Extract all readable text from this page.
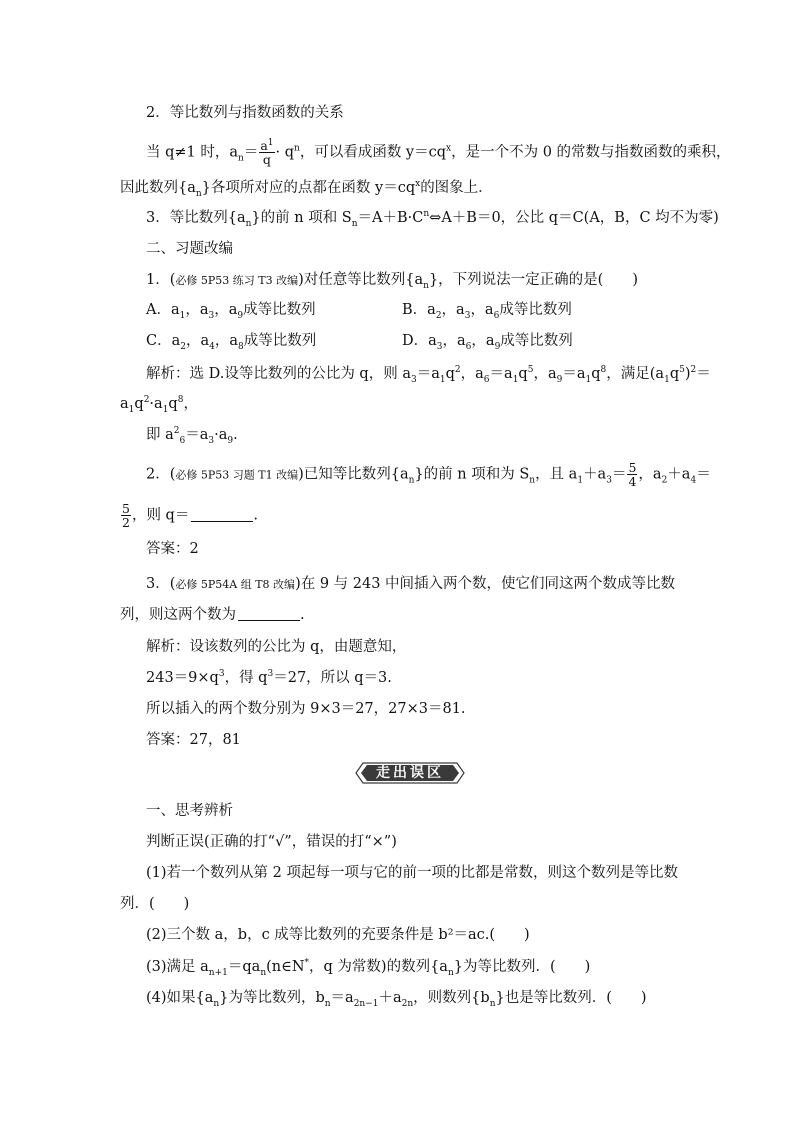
2．等比数列与指数函数的关系
当 q≠1 时，$a_n= \frac{a^1}{q} \cdot q^n$，可以看成函数 $y=cq^x$，是一个不为 0 的常数与指数函数的乘积，
因此数列$\{a_n\}$各项所对应的点都在函数 $y=cq^x$的图象上．
3．等比数列$\{a_n\}$的前 n 项和 $S_n=A+B\cdot C^n\Leftrightarrow A+B=0$，公比 q＝C(A，B，C 均不为零)
二、习题改编
1．(必修 5P53 练习 T3 改编)对任意等比数列$\{a_n\}$，下列说法一定正确的是(　　)
A．$a_1$，$a_3$，$a_9$成等比数列	B．$a_2$，$a_3$，$a_6$成等比数列
C．$a_2$，$a_4$，$a_8$成等比数列	D．$a_3$，$a_6$，$a_9$成等比数列
解析：选 D.设等比数列的公比为 q，则 $a_3=a_1q^2$，$a_6=a_1q^5$，$a_9=a_1q^8$，满足$(a_1q^5)^2=$
$a_1q^2\cdot a_1q^8$，
即 $a^2_6=a_3\cdot a_9$.
2．(必修 5P53 习题 T1 改编)已知等比数列$\{a_n\}$的前 n 项和为 $S_n$，且 $a_1+a_3= \frac{5}{4}$ ，$a_2+a_4=$
$\frac{5}{2}$ ，则 q＝	.
答案：2
3．(必修 5P54A 组 T8 改编)在 9 与 243 中间插入两个数，使它们同这两个数成等比数
列，则这两个数为	.
解析：设该数列的公比为 q，由题意知，
$243=9\times q^3$，得 $q^3=27$，所以 q＝3.
所以插入的两个数分别为 9×3＝27，27×3＝81.
答案：27，81
走出误区
一、思考辨析
判断正误(正确的打“√”，错误的打“×”)
(1)若一个数列从第 2 项起每一项与它的前一项的比都是常数，则这个数列是等比数
列．(　　)
(2)三个数 a，b，c 成等比数列的充要条件是 b²＝ac.(　　)
(3)满足 $a_{n+1}=qa_n(n\in N^*$，q 为常数)的数列$\{a_n\}$为等比数列．(　　)
(4)如果$\{a_n\}$为等比数列，$b_n=a_{2n-1}+a_{2n}$，则数列$\{b_n\}$也是等比数列．(　　)
